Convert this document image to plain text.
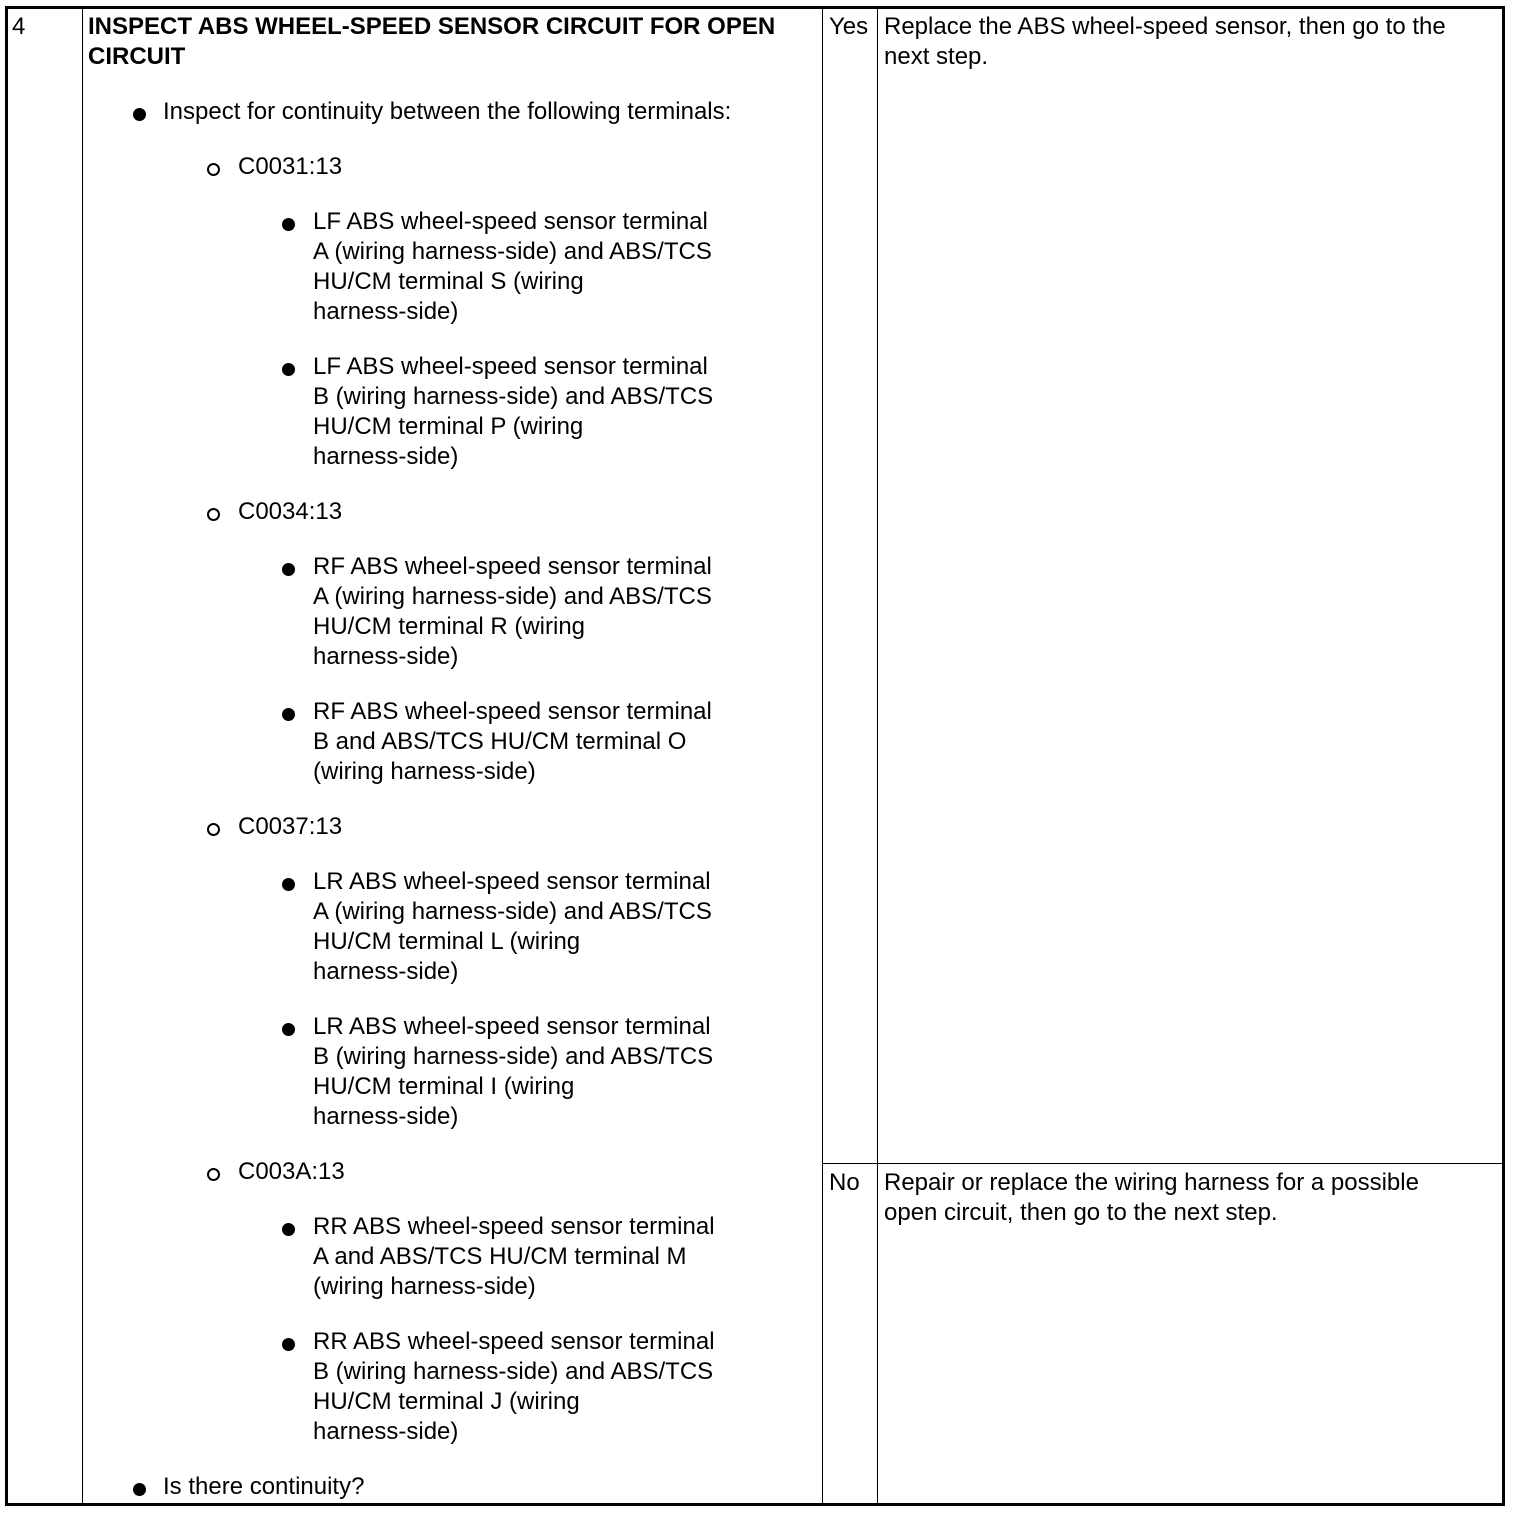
4	INSPECT ABS WHEEL-SPEED SENSOR CIRCUIT FOR OPEN
CIRCUIT
Inspect for continuity between the following terminals:
C0031:13
LF ABS wheel-speed sensor terminal
A (wiring harness-side) and ABS/TCS
HU/CM terminal S (wiring
harness-side)
LF ABS wheel-speed sensor terminal
B (wiring harness-side) and ABS/TCS
HU/CM terminal P (wiring
harness-side)
C0034:13
RF ABS wheel-speed sensor terminal
A (wiring harness-side) and ABS/TCS
HU/CM terminal R (wiring
harness-side)
RF ABS wheel-speed sensor terminal
B and ABS/TCS HU/CM terminal O
(wiring harness-side)
C0037:13
LR ABS wheel-speed sensor terminal
A (wiring harness-side) and ABS/TCS
HU/CM terminal L (wiring
harness-side)
LR ABS wheel-speed sensor terminal
B (wiring harness-side) and ABS/TCS
HU/CM terminal I (wiring
harness-side)
C003A:13
RR ABS wheel-speed sensor terminal
A and ABS/TCS HU/CM terminal M
(wiring harness-side)
RR ABS wheel-speed sensor terminal
B (wiring harness-side) and ABS/TCS
HU/CM terminal J (wiring
harness-side)
Is there continuity?
Yes Replace the ABS wheel-speed sensor, then go to the
next step.
No Repair or replace the wiring harness for a possible
open circuit, then go to the next step.
